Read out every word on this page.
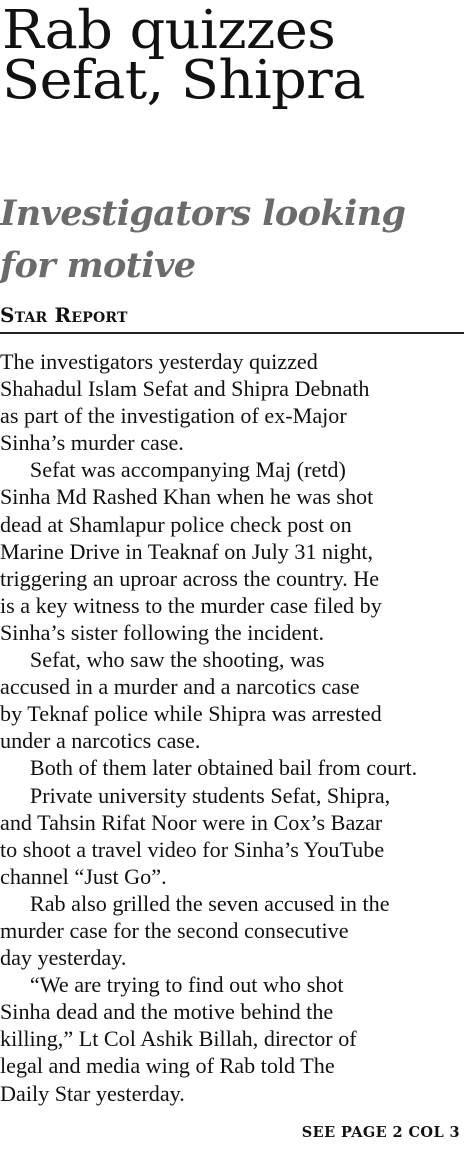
Rab quizzes
Sefat, Shipra
Investigators looking
for motive
Star Report
The investigators yesterday quizzed
Shahadul Islam Sefat and Shipra Debnath
as part of the investigation of ex-Major
Sinha’s murder case.
Sefat was accompanying Maj (retd)
Sinha Md Rashed Khan when he was shot
dead at Shamlapur police check post on
Marine Drive in Teaknaf on July 31 night,
triggering an uproar across the country. He
is a key witness to the murder case filed by
Sinha’s sister following the incident.
Sefat, who saw the shooting, was
accused in a murder and a narcotics case
by Teknaf police while Shipra was arrested
under a narcotics case.
Both of them later obtained bail from court.
Private university students Sefat, Shipra,
and Tahsin Rifat Noor were in Cox’s Bazar
to shoot a travel video for Sinha’s YouTube
channel “Just Go”.
Rab also grilled the seven accused in the
murder case for the second consecutive
day yesterday.
“We are trying to find out who shot
Sinha dead and the motive behind the
killing,” Lt Col Ashik Billah, director of
legal and media wing of Rab told The
Daily Star yesterday.
SEE PAGE 2 COL 3
